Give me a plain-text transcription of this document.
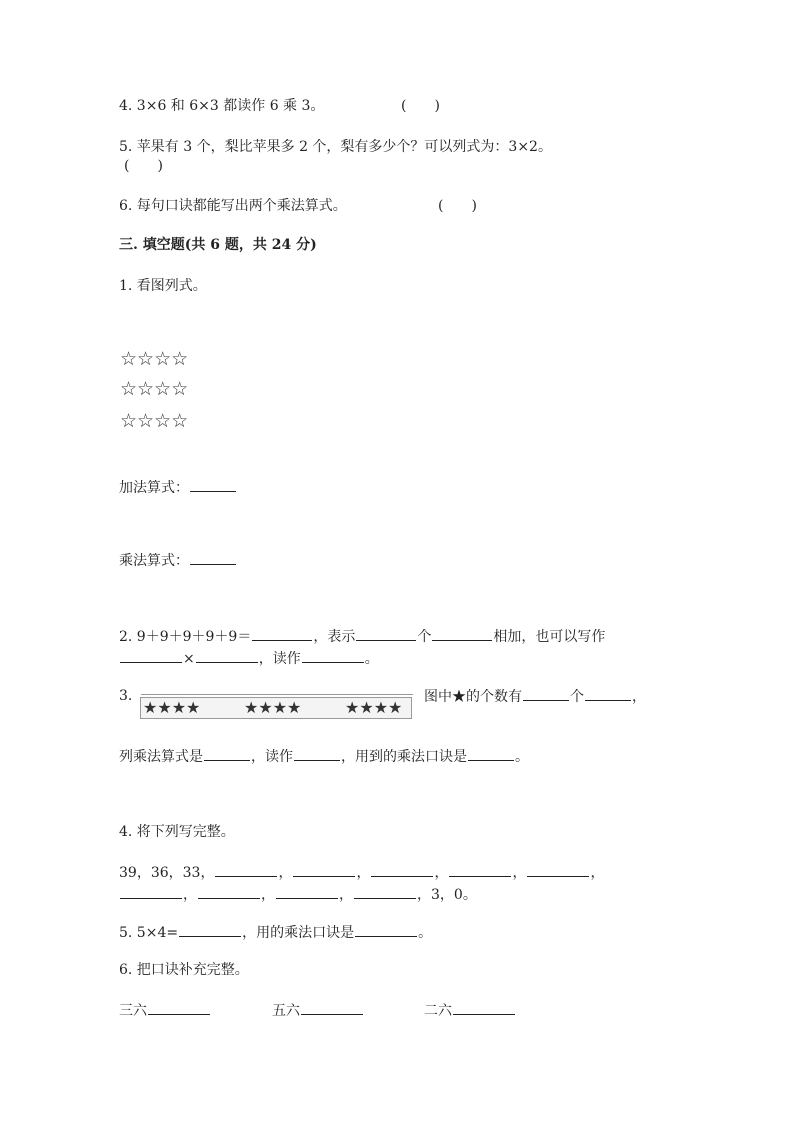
4. 3×6 和 6×3 都读作 6 乘 3。	(　　)
5. 苹果有 3 个，梨比苹果多 2 个，梨有多少个？可以列式为：3×2。
(　　)
6. 每句口诀都能写出两个乘法算式。	(　　)
三. 填空题(共 6 题，共 24 分)
1. 看图列式。
☆☆☆☆
☆☆☆☆
☆☆☆☆
加法算式：
乘法算式：
2. 9＋9＋9＋9＋9＝	，表示	个	相加，也可以写作
×	，读作	。
3.
★★★★	★★★★	★★★★
图中★的个数有	个	，
列乘法算式是	，读作	，用到的乘法口诀是	。
4. 将下列写完整。
39，36，33，	，	，	，	，	，
，	，	，	，3，0。
5. 5×4=	，用的乘法口诀是	。
6. 把口诀补充完整。
三六	五六	二六
